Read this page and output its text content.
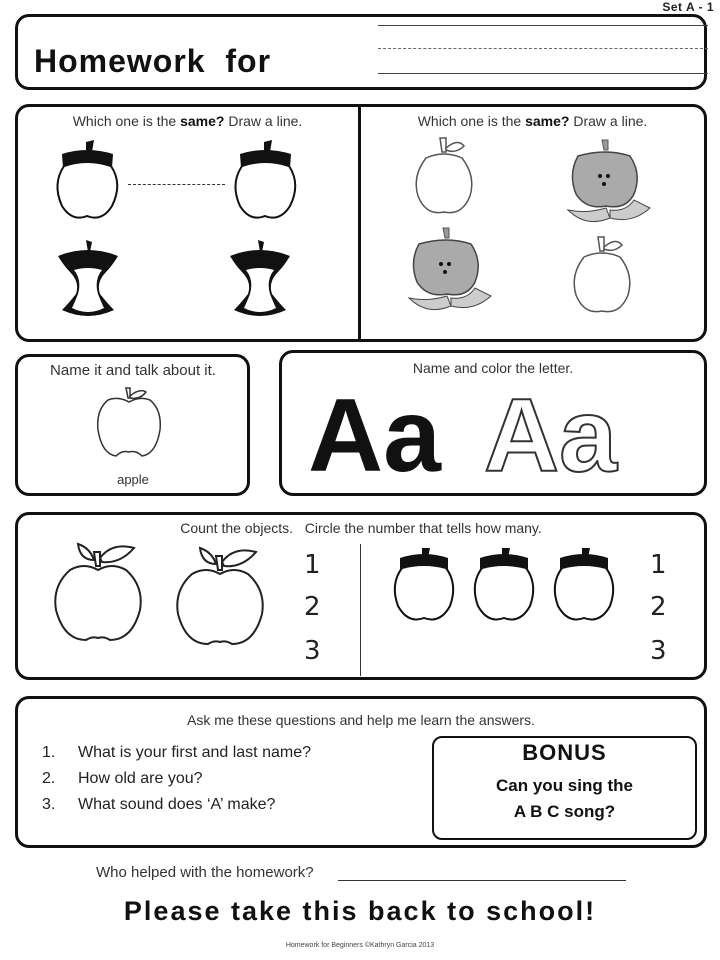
Set A - 1
Homework  for
Which one is the same? Draw a line.	Which one is the same? Draw a line.
Name it and talk about it.
apple
Name and color the letter.
Aa Aa
Count the objects.   Circle the number that tells how many.
1
2
3
1
2
3
Ask me these questions and help me learn the answers.
1. What is your first and last name?
2. How old are you?
3. What sound does ‘A’ make?
BONUS
Can you sing the
A B C song?
Who helped with the homework?
Please take this back to school!
Homework for Beginners ©Kathryn Garcia 2013
